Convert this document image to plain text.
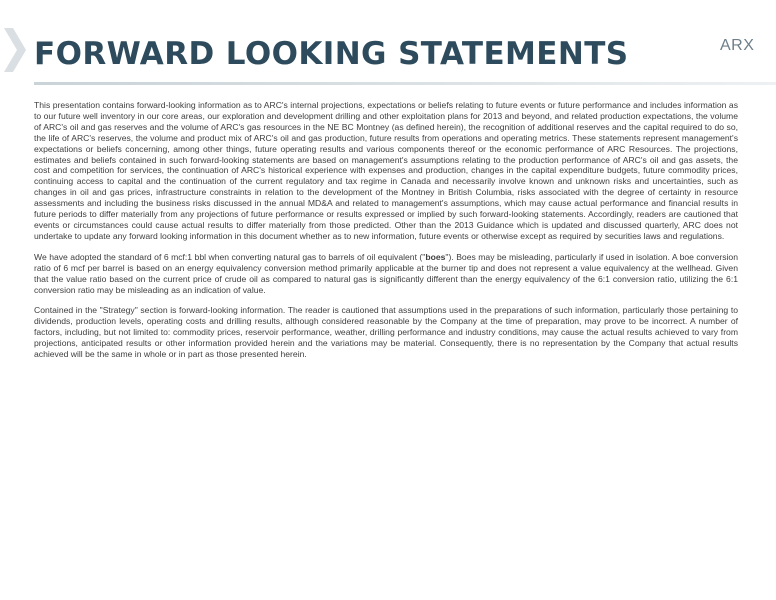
FORWARD LOOKING STATEMENTS	ARX

This presentation contains forward-looking information as to ARC's internal projections, expectations or beliefs relating to future events or future performance and includes information as to our future well inventory in our core areas, our exploration and development drilling and other exploitation plans for 2013 and beyond, and related production expectations, the volume of ARC's oil and gas reserves and the volume of ARC's gas resources in the NE BC Montney (as defined herein), the recognition of additional reserves and the capital required to do so, the life of ARC's reserves, the volume and product mix of ARC's oil and gas production, future results from operations and operating metrics. These statements represent management's expectations or beliefs concerning, among other things, future operating results and various components thereof or the economic performance of ARC Resources. The projections, estimates and beliefs contained in such forward-looking statements are based on management's assumptions relating to the production performance of ARC's oil and gas assets, the cost and competition for services, the continuation of ARC's historical experience with expenses and production, changes in the capital expenditure budgets, future commodity prices, continuing access to capital and the continuation of the current regulatory and tax regime in Canada and necessarily involve known and unknown risks and uncertainties, such as changes in oil and gas prices, infrastructure constraints in relation to the development of the Montney in British Columbia, risks associated with the degree of certainty in resource assessments and including the business risks discussed in the annual MD&A and related to management's assumptions, which may cause actual performance and financial results in future periods to differ materially from any projections of future performance or results expressed or implied by such forward-looking statements. Accordingly, readers are cautioned that events or circumstances could cause actual results to differ materially from those predicted. Other than the 2013 Guidance which is updated and discussed quarterly, ARC does not undertake to update any forward looking information in this document whether as to new information, future events or otherwise except as required by securities laws and regulations.

We have adopted the standard of 6 mcf:1 bbl when converting natural gas to barrels of oil equivalent ("boes"). Boes may be misleading, particularly if used in isolation. A boe conversion ratio of 6 mcf per barrel is based on an energy equivalency conversion method primarily applicable at the burner tip and does not represent a value equivalency at the wellhead. Given that the value ratio based on the current price of crude oil as compared to natural gas is significantly different than the energy equivalency of the 6:1 conversion ratio, utilizing the 6:1 conversion ratio may be misleading as an indication of value.

Contained in the "Strategy" section is forward-looking information. The reader is cautioned that assumptions used in the preparations of such information, particularly those pertaining to dividends, production levels, operating costs and drilling results, although considered reasonable by the Company at the time of preparation, may prove to be incorrect. A number of factors, including, but not limited to: commodity prices, reservoir performance, weather, drilling performance and industry conditions, may cause the actual results achieved to vary from projections, anticipated results or other information provided herein and the variations may be material. Consequently, there is no representation by the Company that actual results achieved will be the same in whole or in part as those presented herein.
